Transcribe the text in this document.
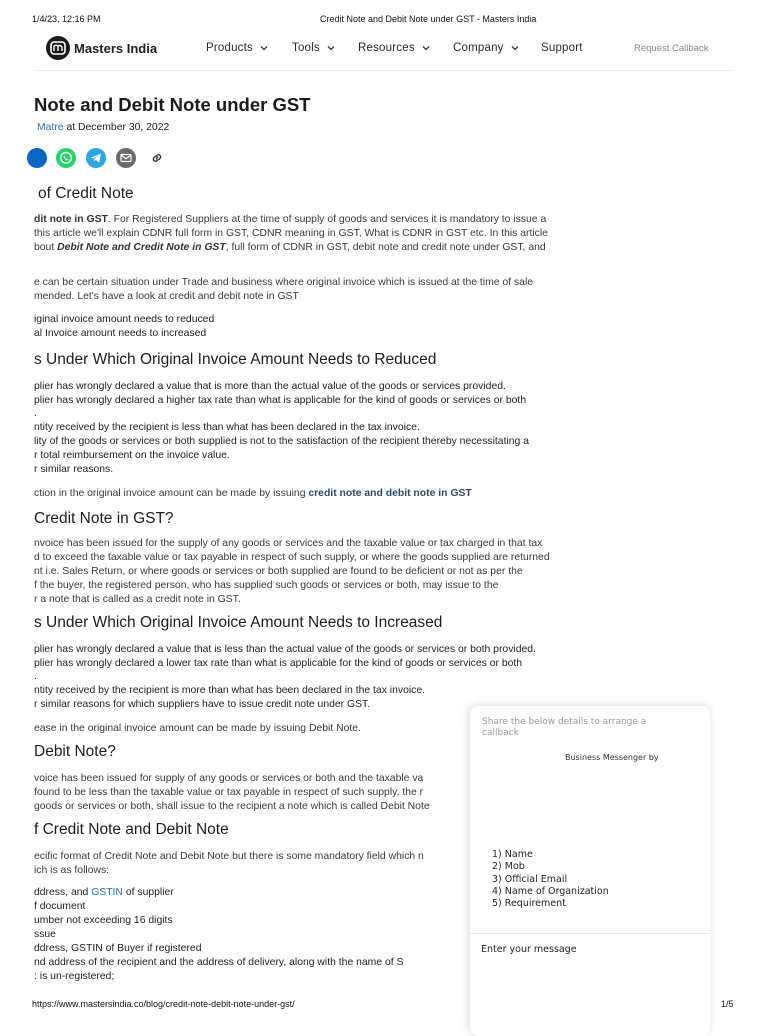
1/4/23, 12:16 PM	Credit Note and Debit Note under GST - Masters India
Masters India	Products	Tools	Resources	Company	Support	Request Callback
Note and Debit Note under GST
Matre at December 30, 2022
of Credit Note
dit note in GST. For Registered Suppliers at the time of supply of goods and services it is mandatory to issue a
this article we'll explain CDNR full form in GST, CDNR meaning in GST, What is CDNR in GST etc. In this article
bout Debit Note and Credit Note in GST, full form of CDNR in GST, debit note and credit note under GST, and
e can be certain situation under Trade and business where original invoice which is issued at the time of sale
mended. Let's have a look at credit and debit note in GST
iginal invoice amount needs to reduced
al Invoice amount needs to increased
s Under Which Original Invoice Amount Needs to Reduced
plier has wrongly declared a value that is more than the actual value of the goods or services provided.
plier has wrongly declared a higher tax rate than what is applicable for the kind of goods or services or both
.
ntity received by the recipient is less than what has been declared in the tax invoice.
lity of the goods or services or both supplied is not to the satisfaction of the recipient thereby necessitating a
r total reimbursement on the invoice value.
r similar reasons.
ction in the original invoice amount can be made by issuing credit note and debit note in GST
Credit Note in GST?
nvoice has been issued for the supply of any goods or services and the taxable value or tax charged in that tax
d to exceed the taxable value or tax payable in respect of such supply, or where the goods supplied are returned
nt i.e. Sales Return, or where goods or services or both supplied are found to be deficient or not as per the
f the buyer, the registered person, who has supplied such goods or services or both, may issue to the
r a note that is called as a credit note in GST.
s Under Which Original Invoice Amount Needs to Increased
plier has wrongly declared a value that is less than the actual value of the goods or services or both provided.
plier has wrongly declared a lower tax rate than what is applicable for the kind of goods or services or both
.
ntity received by the recipient is more than what has been declared in the tax invoice.
r similar reasons for which suppliers have to issue credit note under GST.
ease in the original invoice amount can be made by issuing Debit Note.
Debit Note?
voice has been issued for supply of any goods or services or both and the taxable va
found to be less than the taxable value or tax payable in respect of such supply, the r
goods or services or both, shall issue to the recipient a note which is called Debit Note
f Credit Note and Debit Note
ecific format of Credit Note and Debit Note but there is some mandatory field which n
ich is as follows:
ddress, and GSTIN of supplier
f document
umber not exceeding 16 digits
ssue
ddress, GSTIN of Buyer if registered
nd address of the recipient and the address of delivery, along with the name of S
: is un-registered;
Share the below details to arrange a callback
Business Messenger by
1) Name
2) Mob
3) Official Email
4) Name of Organization
5) Requirement
Enter your message
https://www.mastersindia.co/blog/credit-note-debit-note-under-gst/	1/5
